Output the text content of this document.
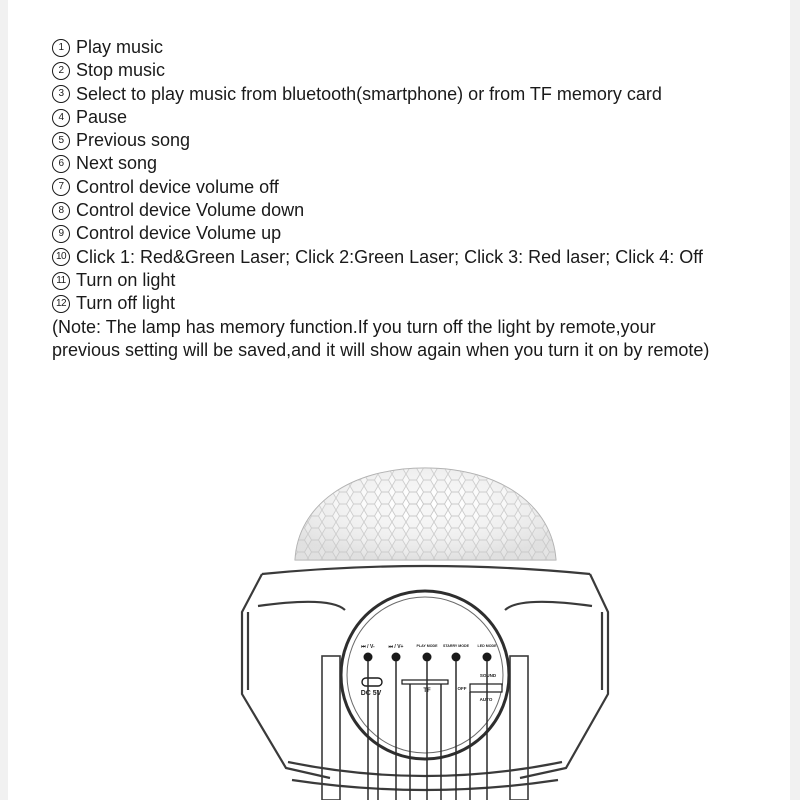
1 Play music
2 Stop music
3 Select to play music from bluetooth(smartphone) or from TF memory card
4 Pause
5 Previous song
6 Next song
7 Control device volume off
8 Control device Volume down
9 Control device Volume up
10 Click 1: Red&Green Laser; Click 2:Green Laser; Click 3: Red laser; Click 4: Off
11 Turn on light
12 Turn off light
(Note: The lamp has memory function.If you turn off the light by remote,your
previous setting will be saved,and it will show again when you turn it on by remote)
⏮ / V-	⏭ / V+	PLAY MODE STARRY MODE LED MODE
DC 5V	TF	OFF
SOUND
AUTO
